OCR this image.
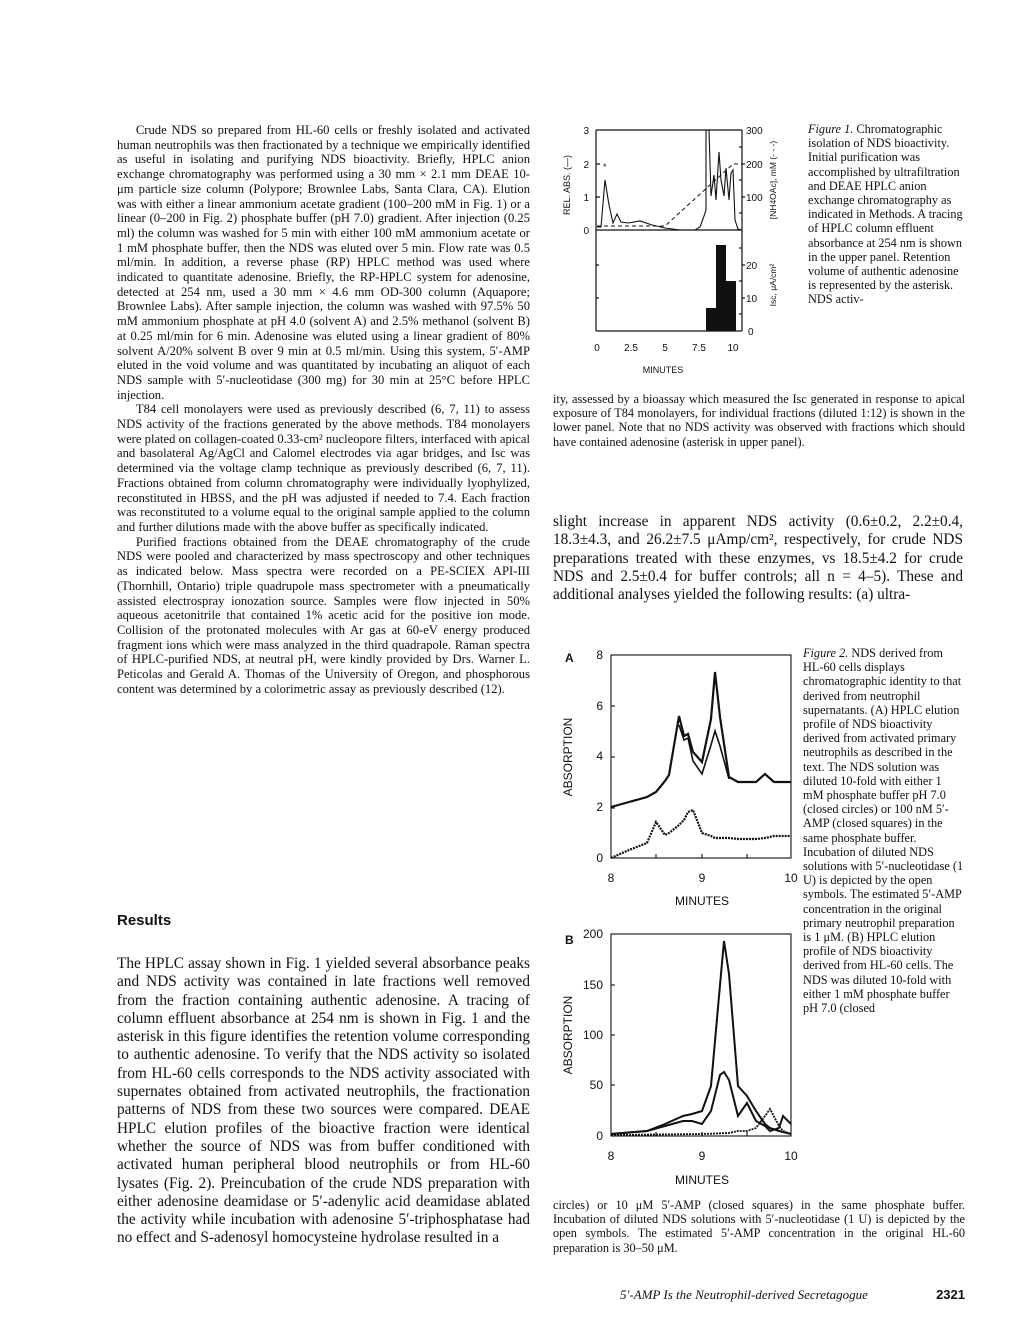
Crude NDS so prepared from HL-60 cells or freshly isolated and activated human neutrophils was then fractionated by a technique we empirically identified as useful in isolating and purifying NDS bioactivity. Briefly, HPLC anion exchange chromatography was performed using a 30 mm × 2.1 mm DEAE 10-μm particle size column (Polypore; Brownlee Labs, Santa Clara, CA). Elution was with either a linear ammonium acetate gradient (100–200 mM in Fig. 1) or a linear (0–200 in Fig. 2) phosphate buffer (pH 7.0) gradient. After injection (0.25 ml) the column was washed for 5 min with either 100 mM ammonium acetate or 1 mM phosphate buffer, then the NDS was eluted over 5 min. Flow rate was 0.5 ml/min. In addition, a reverse phase (RP) HPLC method was used where indicated to quantitate adenosine. Briefly, the RP-HPLC system for adenosine, detected at 254 nm, used a 30 mm × 4.6 mm OD-300 column (Aquapore; Brownlee Labs). After sample injection, the column was washed with 97.5% 50 mM ammonium phosphate at pH 4.0 (solvent A) and 2.5% methanol (solvent B) at 0.25 ml/min for 6 min. Adenosine was eluted using a linear gradient of 80% solvent A/20% solvent B over 9 min at 0.5 ml/min. Using this system, 5′-AMP eluted in the void volume and was quantitated by incubating an aliquot of each NDS sample with 5′-nucleotidase (300 mg) for 30 min at 25°C before HPLC injection.

T84 cell monolayers were used as previously described (6, 7, 11) to assess NDS activity of the fractions generated by the above methods. T84 monolayers were plated on collagen-coated 0.33-cm² nucleopore filters, interfaced with apical and basolateral Ag/AgCl and Calomel electrodes via agar bridges, and Isc was determined via the voltage clamp technique as previously described (6, 7, 11). Fractions obtained from column chromatography were individually lyophylized, reconstituted in HBSS, and the pH was adjusted if needed to 7.4. Each fraction was reconstituted to a volume equal to the original sample applied to the column and further dilutions made with the above buffer as specifically indicated.

Purified fractions obtained from the DEAE chromatography of the crude NDS were pooled and characterized by mass spectroscopy and other techniques as indicated below. Mass spectra were recorded on a PE-SCIEX API-III (Thornhill, Ontario) triple quadrupole mass spectrometer with a pneumatically assisted electrospray ionozation source. Samples were flow injected in 50% aqueous acetonitrile that contained 1% acetic acid for the positive ion mode. Collision of the protonated molecules with Ar gas at 60-eV energy produced fragment ions which were mass analyzed in the third quadrapole. Raman spectra of HPLC-purified NDS, at neutral pH, were kindly provided by Drs. Warner L. Peticolas and Gerald A. Thomas of the University of Oregon, and phosphorous content was determined by a colorimetric assay as previously described (12).

Results
The HPLC assay shown in Fig. 1 yielded several absorbance peaks and NDS activity was contained in late fractions well removed from the fraction containing authentic adenosine. A tracing of column effluent absorbance at 254 nm is shown in Fig. 1 and the asterisk in this figure identifies the retention volume corresponding to authentic adenosine. To verify that the NDS activity so isolated from HL-60 cells corresponds to the NDS activity associated with supernates obtained from activated neutrophils, the fractionation patterns of NDS from these two sources were compared. DEAE HPLC elution profiles of the bioactive fraction were identical whether the source of NDS was from buffer conditioned with activated human peripheral blood neutrophils or from HL-60 lysates (Fig. 2). Preincubation of the crude NDS preparation with either adenosine deamidase or 5′-adenylic acid deamidase ablated the activity while incubation with adenosine 5′-triphosphatase had no effect and S-adenosyl homocysteine hydrolase resulted in a
*
0
1
2
3
100
200
300
0
10
20
0 2.5 5 7.5 10
MINUTES
REL. ABS. (—)	[NH4OAc], mM (- - -)
Isc, μA/cm²
Figure 1. Chromatographic isolation of NDS bioactivity. Initial purification was accomplished by ultrafiltration and DEAE HPLC anion exchange chromatography as indicated in Methods. A tracing of HPLC column effluent absorbance at 254 nm is shown in the upper panel. Retention volume of authentic adenosine is represented by the asterisk. NDS activ-
ity, assessed by a bioassay which measured the Isc generated in response to apical exposure of T84 monolayers, for individual fractions (diluted 1:12) is shown in the lower panel. Note that no NDS activity was observed with fractions which should have contained adenosine (asterisk in upper panel).
slight increase in apparent NDS activity (0.6±0.2, 2.2±0.4, 18.3±4.3, and 26.2±7.5 μAmp/cm², respectively, for crude NDS preparations treated with these enzymes, vs 18.5±4.2 for crude NDS and 2.5±0.4 for buffer controls; all n = 4–5). These and additional analyses yielded the following results: (a) ultra-
A
0
2
4
6
8
8	9	10
MINUTES
ABSORPTION
B
0
50
100
150
200
8	9	10
MINUTES
ABSORPTION
Figure 2. NDS derived from HL-60 cells displays chromatographic identity to that derived from neutrophil supernatants. (A) HPLC elution profile of NDS bioactivity derived from activated primary neutrophils as described in the text. The NDS solution was diluted 10-fold with either 1 mM phosphate buffer pH 7.0 (closed circles) or 100 nM 5′-AMP (closed squares) in the same phosphate buffer. Incubation of diluted NDS solutions with 5′-nucleotidase (1 U) is depicted by the open symbols. The estimated 5′-AMP concentration in the original primary neutrophil preparation is 1 μM. (B) HPLC elution profile of NDS bioactivity derived from HL-60 cells. The NDS was diluted 10-fold with either 1 mM phosphate buffer pH 7.0 (closed
circles) or 10 μM 5′-AMP (closed squares) in the same phosphate buffer. Incubation of diluted NDS solutions with 5′-nucleotidase (1 U) is depicted by the open symbols. The estimated 5′-AMP concentration in the original HL-60 preparation is 30–50 μM.
5′-AMP Is the Neutrophil-derived Secretagogue	2321
